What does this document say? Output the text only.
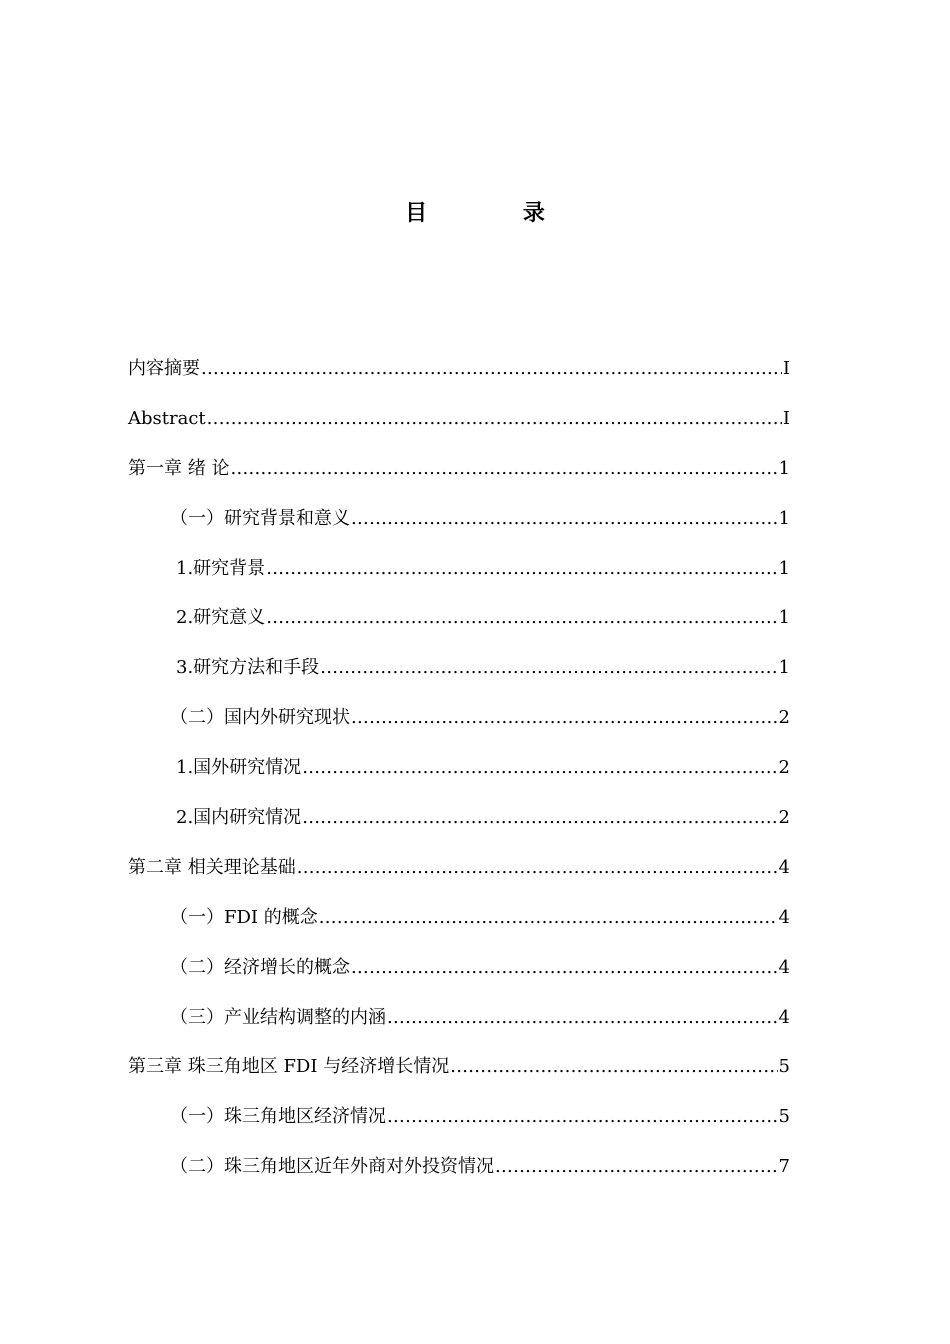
目 录
内容摘要 .....	I
Abstract .....	I
第一章 绪 论 .....	1
（一）研究背景和意义 .....	1
1.研究背景 .....	1
2.研究意义 .....	1
3.研究方法和手段 .....	1
（二）国内外研究现状 .....	2
1.国外研究情况 .....	2
2.国内研究情况 .....	2
第二章 相关理论基础 .....	4
（一）FDI 的概念 .....	4
（二）经济增长的概念 .....	4
（三）产业结构调整的内涵 .....	4
第三章 珠三角地区 FDI 与经济增长情况 .....	5
（一）珠三角地区经济情况 .....	5
（二）珠三角地区近年外商对外投资情况 .....	7
